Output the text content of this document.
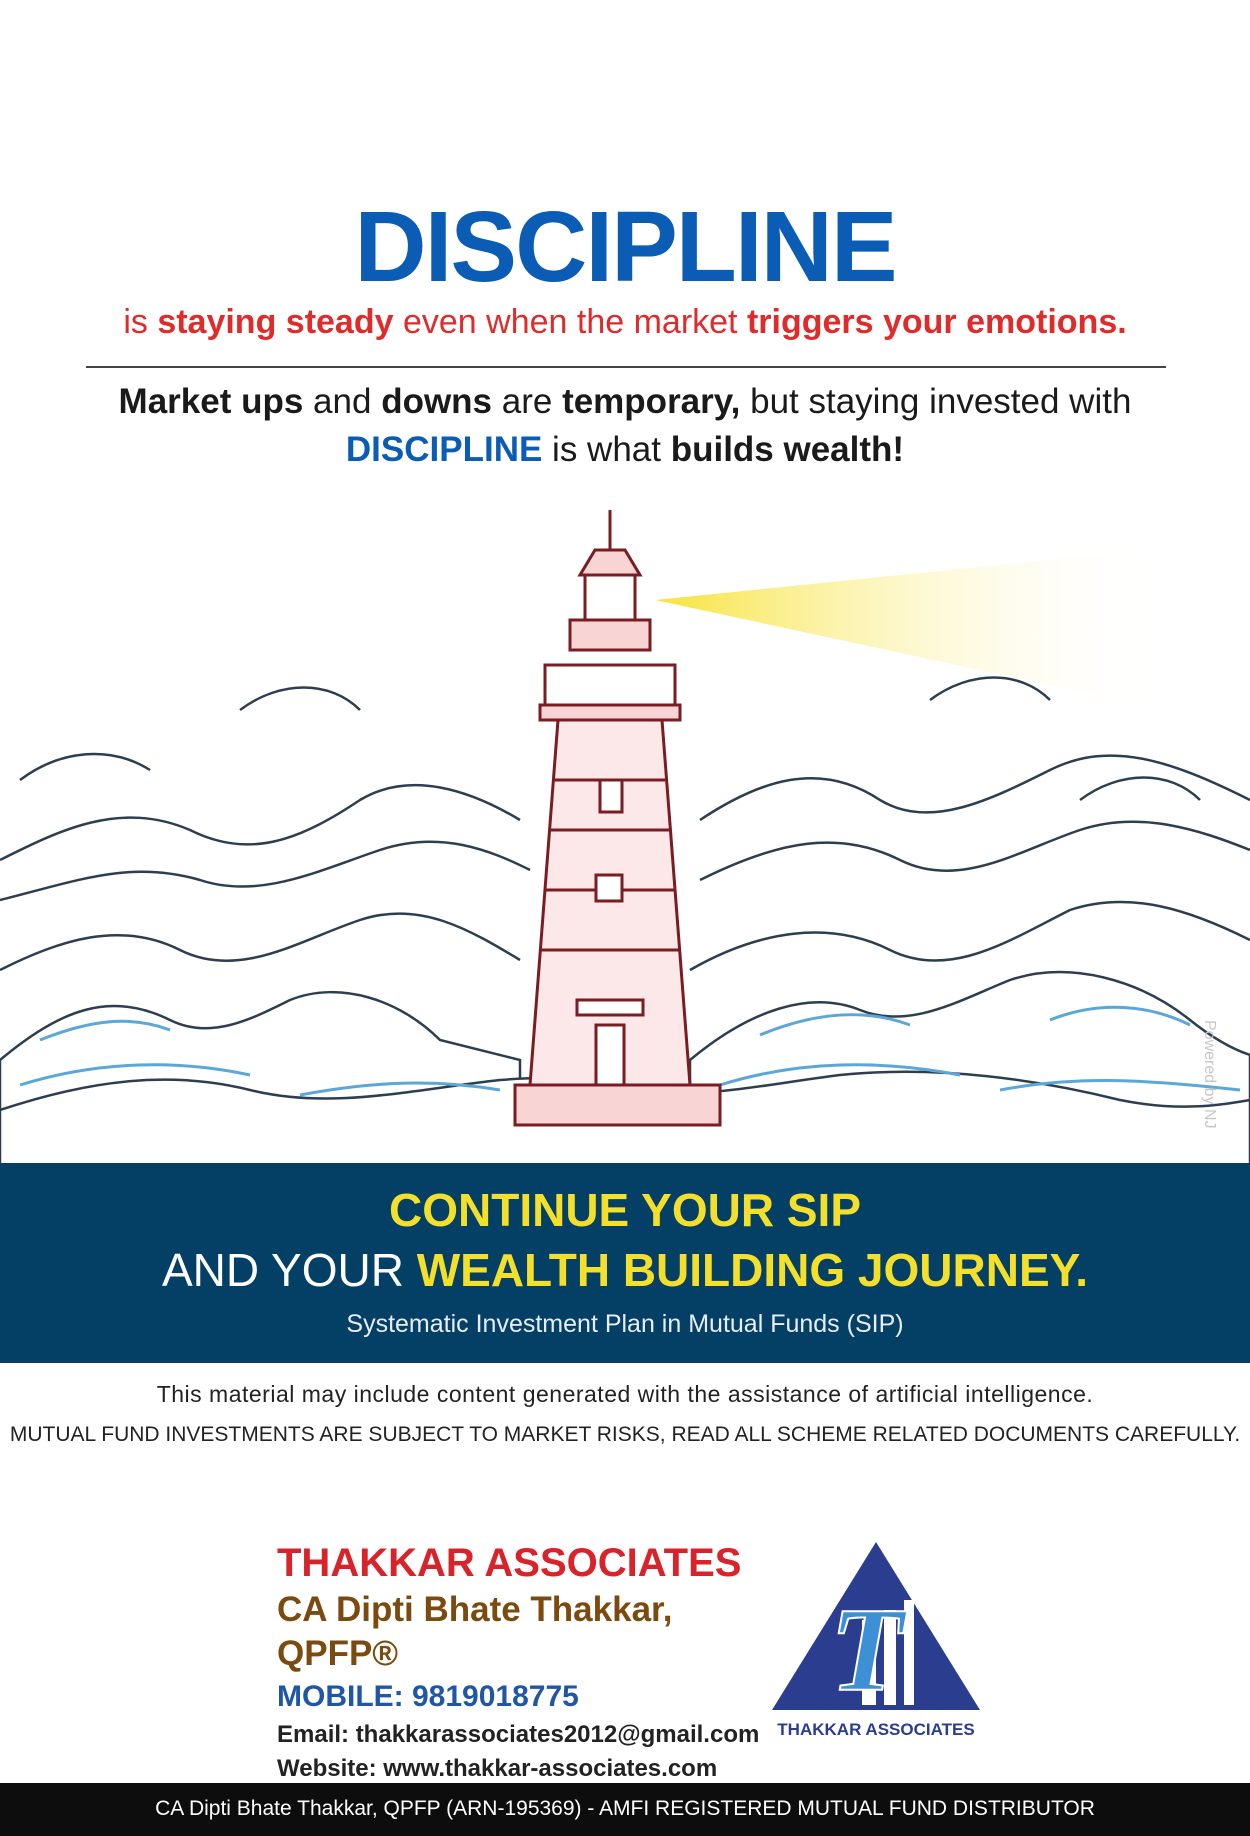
DISCIPLINE
is staying steady even when the market triggers your emotions.
Market ups and downs are temporary, but staying invested with
DISCIPLINE is what builds wealth!
Powered by NJ
CONTINUE YOUR SIP
AND YOUR WEALTH BUILDING JOURNEY.
Systematic Investment Plan in Mutual Funds (SIP)
This material may include content generated with the assistance of artificial intelligence.
MUTUAL FUND INVESTMENTS ARE SUBJECT TO MARKET RISKS, READ ALL SCHEME RELATED DOCUMENTS CAREFULLY.
THAKKAR ASSOCIATES
CA Dipti Bhate Thakkar, QPFP®
MOBILE: 9819018775
Email: thakkarassociates2012@gmail.com
Website: www.thakkar-associates.com
T
THAKKAR ASSOCIATES
CA Dipti Bhate Thakkar, QPFP (ARN-195369) - AMFI REGISTERED MUTUAL FUND DISTRIBUTOR
